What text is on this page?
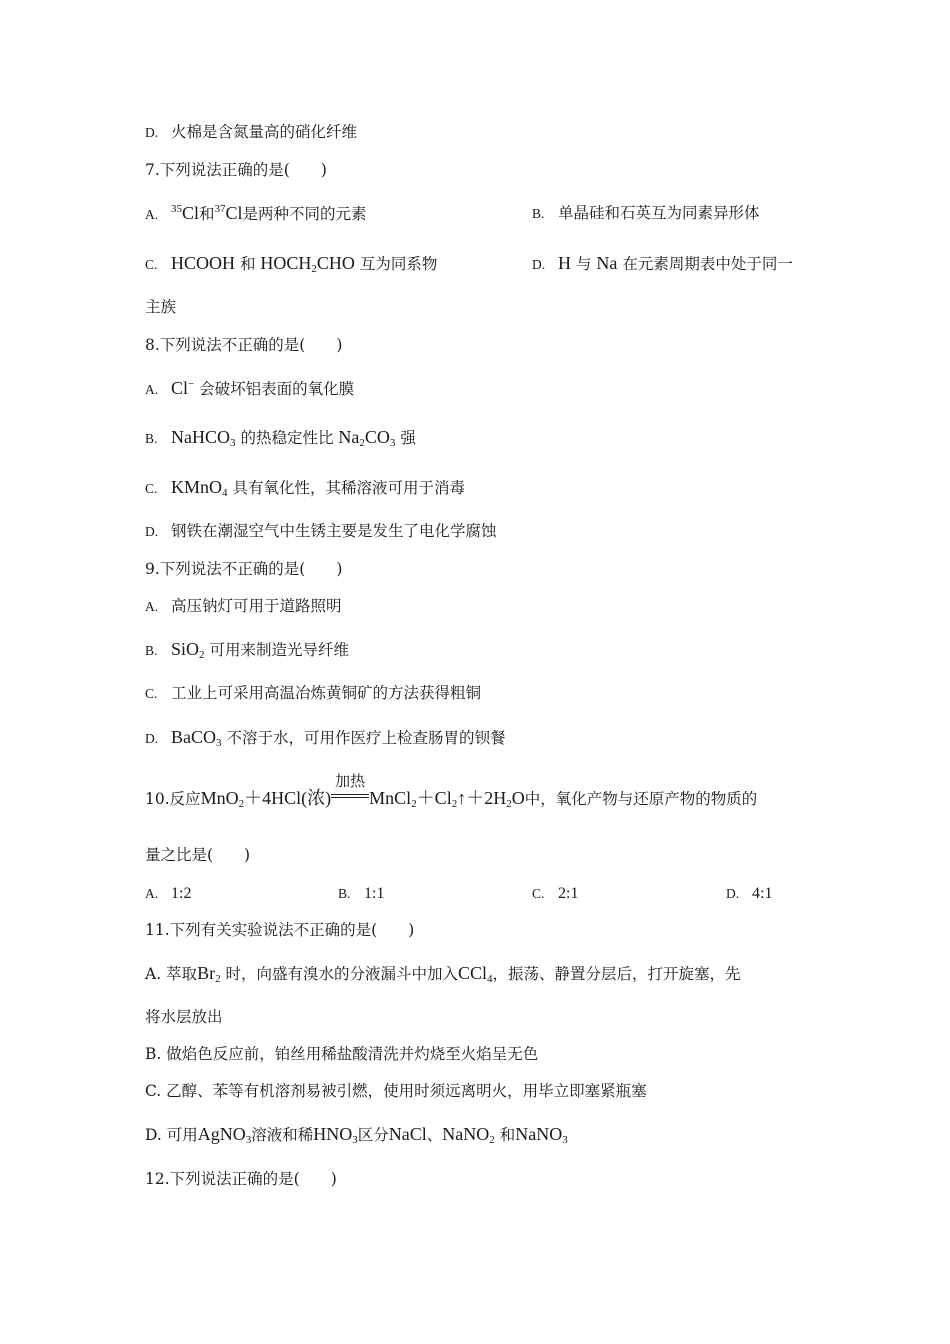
D. 火棉是含氮量高的硝化纤维
7.下列说法正确的是(　　)
A. $^{35}$Cl和$^{37}$Cl是两种不同的元素	B. 单晶硅和石英互为同素异形体
C. HCOOH 和 $HOCH_2CHO$ 互为同系物	D. H 与 Na 在元素周期表中处于同一
主族
8.下列说法不正确的是(　　)
A. Cl− 会破坏铝表面的氧化膜
B. NaHCO$_3$ 的热稳定性比 $Na_2CO_3$ 强
C. KMnO$_4$ 具有氧化性，其稀溶液可用于消毒
D. 钢铁在潮湿空气中生锈主要是发生了电化学腐蚀
9.下列说法不正确的是(　　)
A. 高压钠灯可用于道路照明
B. SiO$_2$ 可用来制造光导纤维
C. 工业上可采用高温冶炼黄铜矿的方法获得粗铜
D. BaCO$_3$ 不溶于水，可用作医疗上检查肠胃的钡餐
10.反应MnO$_2$＋4HCl(浓)
加热
$MnCl_2+Cl_2↑+2H_2O$中，氧化产物与还原产物的物质的
量之比是(　　)
A. 1:2	B. 1:1	C. 2:1	D. 4:1
11.下列有关实验说法不正确的是(　　)
A. 萃取$Br_2$ 时，向盛有溴水的分液漏斗中加入CCl$_4$，振荡、静置分层后，打开旋塞，先
将水层放出
B. 做焰色反应前，铂丝用稀盐酸清洗并灼烧至火焰呈无色
C. 乙醇、苯等有机溶剂易被引燃，使用时须远离明火，用毕立即塞紧瓶塞
D. 可用AgNO$_3$溶液和稀$HNO_3$区分NaCl、NaNO$_2$ 和NaNO$_3$
12.下列说法正确的是(　　)
